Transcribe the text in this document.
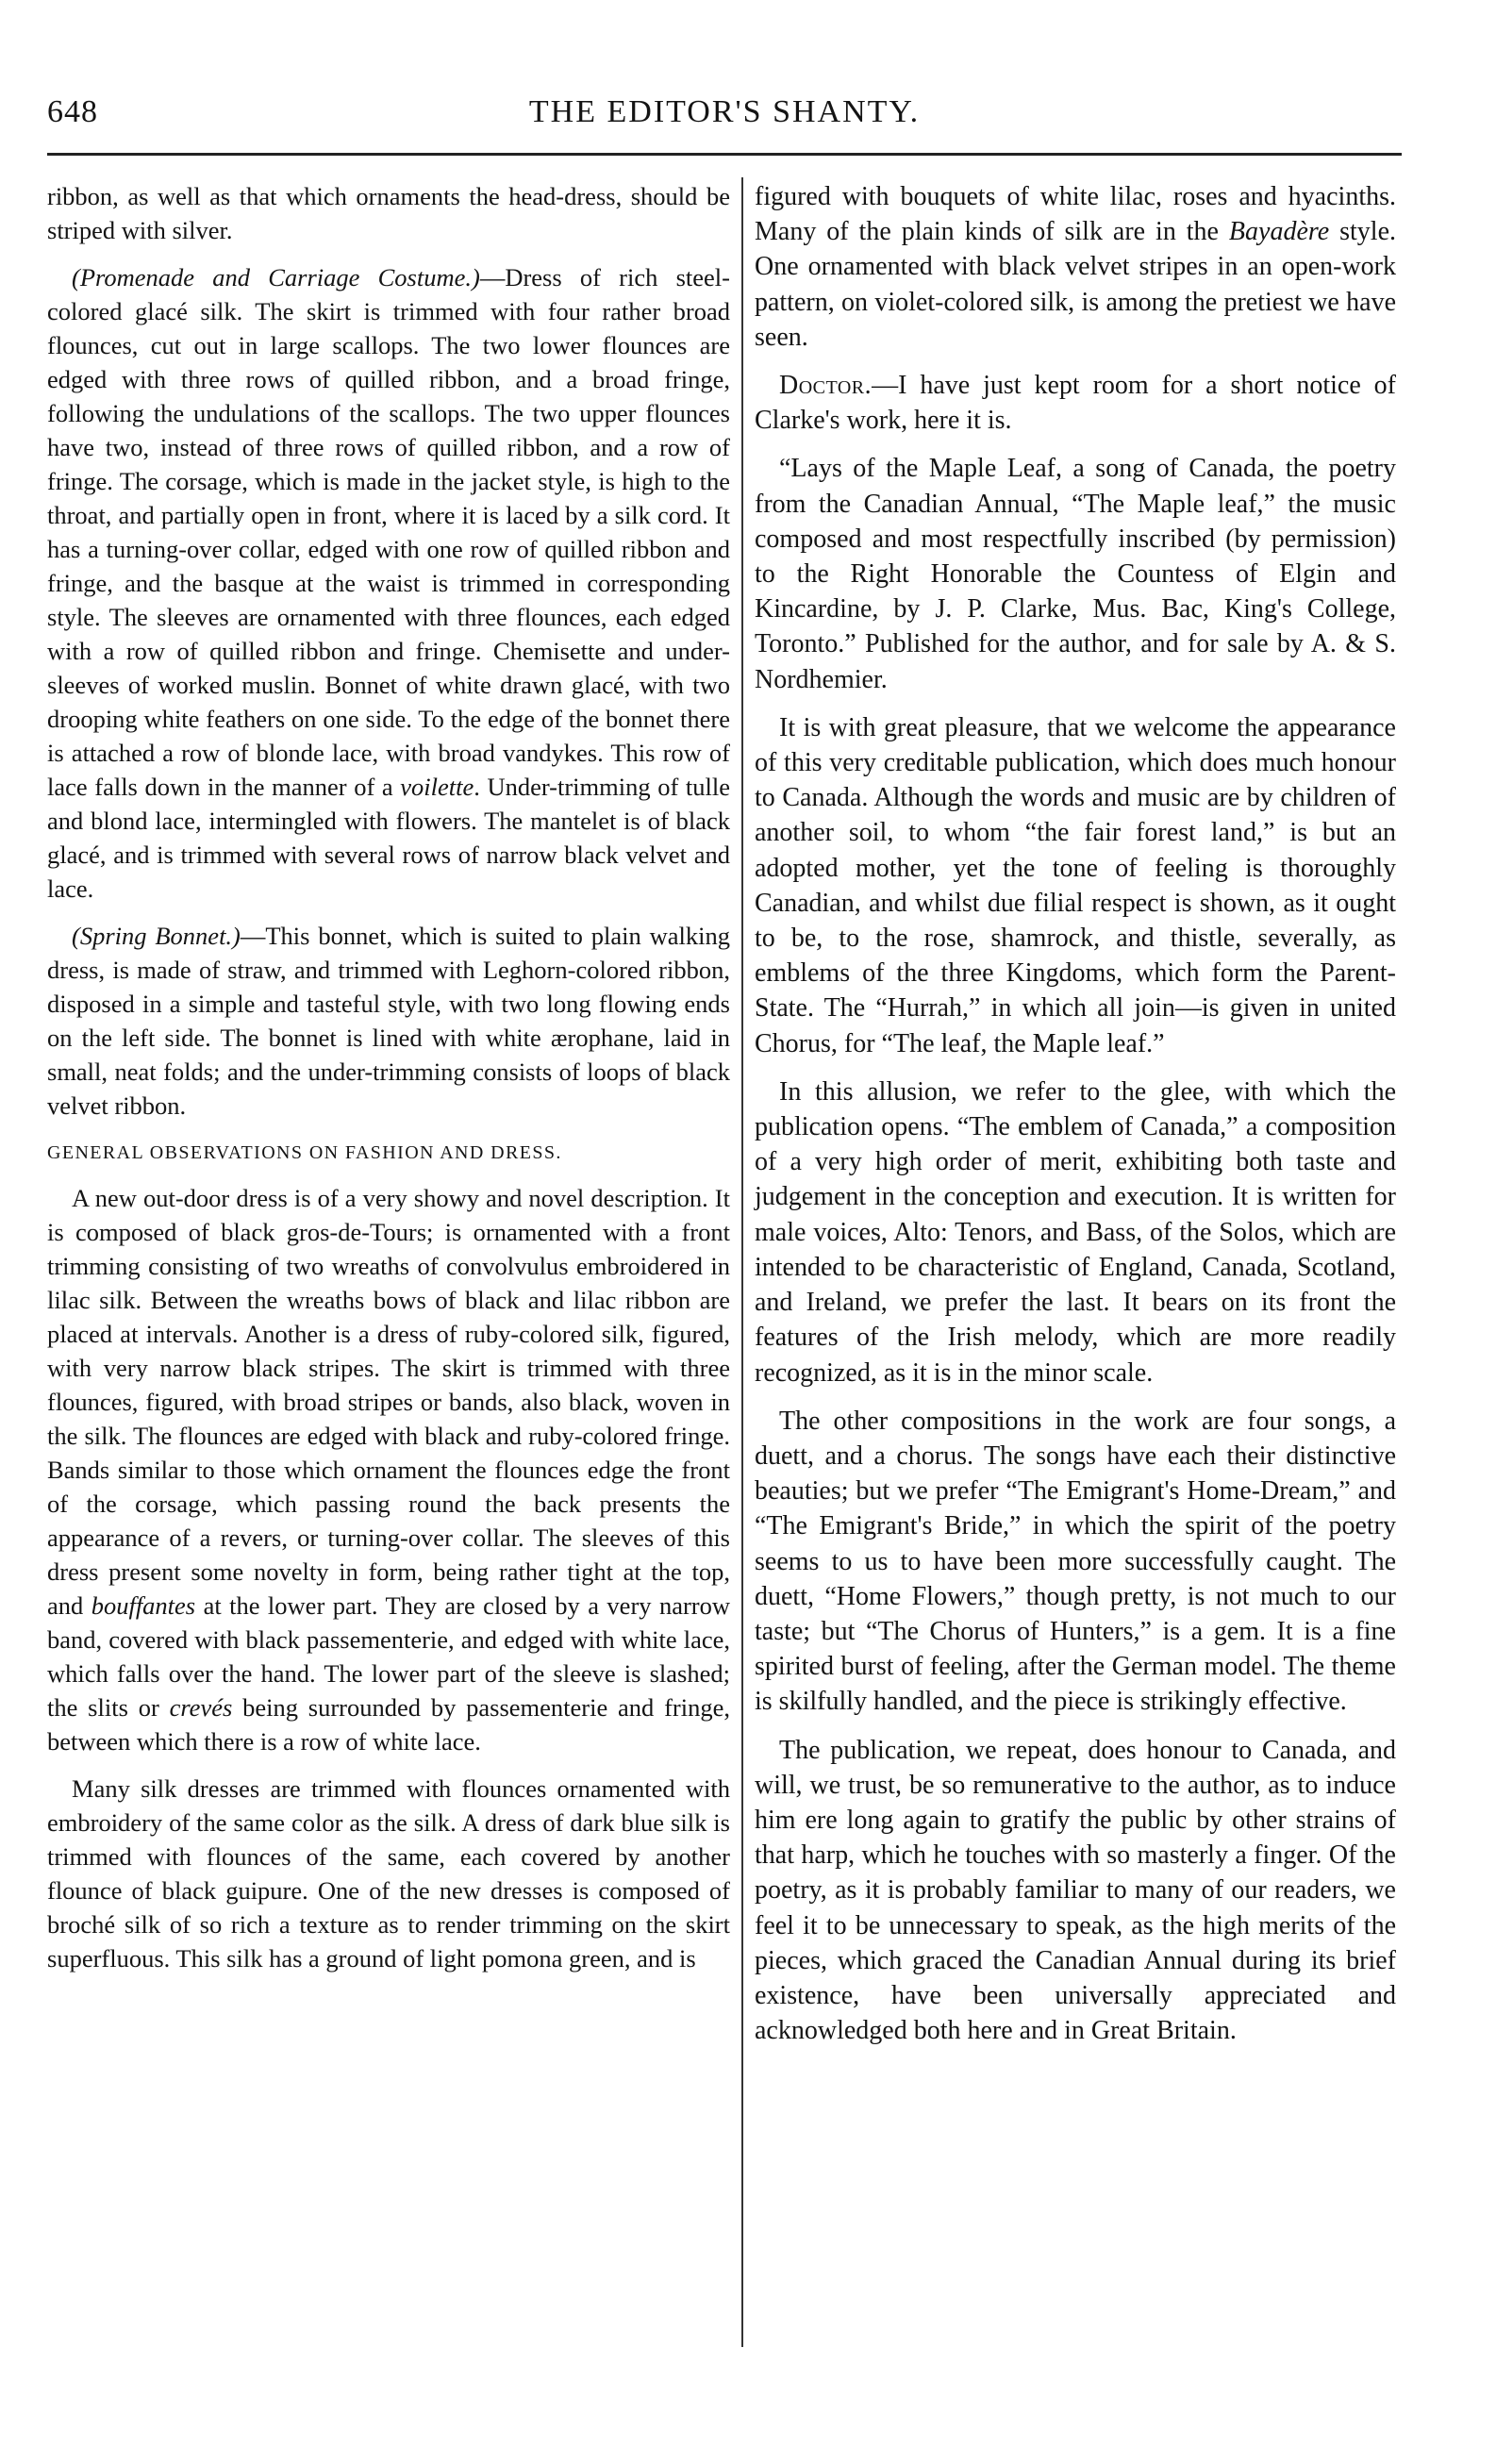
648	THE EDITOR'S SHANTY.

ribbon, as well as that which ornaments the head-dress, should be striped with silver.

(Promenade and Carriage Costume.)—Dress of rich steel-colored glacé silk. The skirt is trimmed with four rather broad flounces, cut out in large scallops. The two lower flounces are edged with three rows of quilled ribbon, and a broad fringe, following the undulations of the scallops. The two upper flounces have two, instead of three rows of quilled ribbon, and a row of fringe. The corsage, which is made in the jacket style, is high to the throat, and partially open in front, where it is laced by a silk cord. It has a turning-over collar, edged with one row of quilled ribbon and fringe, and the basque at the waist is trimmed in corresponding style. The sleeves are ornamented with three flounces, each edged with a row of quilled ribbon and fringe. Chemisette and under-sleeves of worked muslin. Bonnet of white drawn glacé, with two drooping white feathers on one side. To the edge of the bonnet there is attached a row of blonde lace, with broad vandykes. This row of lace falls down in the manner of a voilette. Under-trimming of tulle and blond lace, intermingled with flowers. The mantelet is of black glacé, and is trimmed with several rows of narrow black velvet and lace.

(Spring Bonnet.)—This bonnet, which is suited to plain walking dress, is made of straw, and trimmed with Leghorn-colored ribbon, disposed in a simple and tasteful style, with two long flowing ends on the left side. The bonnet is lined with white ærophane, laid in small, neat folds; and the under-trimming consists of loops of black velvet ribbon.

GENERAL OBSERVATIONS ON FASHION AND DRESS.

A new out-door dress is of a very showy and novel description. It is composed of black gros-de-Tours; is ornamented with a front trimming consisting of two wreaths of convolvulus embroidered in lilac silk. Between the wreaths bows of black and lilac ribbon are placed at intervals. Another is a dress of ruby-colored silk, figured, with very narrow black stripes. The skirt is trimmed with three flounces, figured, with broad stripes or bands, also black, woven in the silk. The flounces are edged with black and ruby-colored fringe. Bands similar to those which ornament the flounces edge the front of the corsage, which passing round the back presents the appearance of a revers, or turning-over collar. The sleeves of this dress present some novelty in form, being rather tight at the top, and bouffantes at the lower part. They are closed by a very narrow band, covered with black passementerie, and edged with white lace, which falls over the hand. The lower part of the sleeve is slashed; the slits or crevés being surrounded by passementerie and fringe, between which there is a row of white lace.

Many silk dresses are trimmed with flounces ornamented with embroidery of the same color as the silk. A dress of dark blue silk is trimmed with flounces of the same, each covered by another flounce of black guipure. One of the new dresses is composed of broché silk of so rich a texture as to render trimming on the skirt superfluous. This silk has a ground of light pomona green, and is

figured with bouquets of white lilac, roses and hyacinths. Many of the plain kinds of silk are in the Bayadère style. One ornamented with black velvet stripes in an open-work pattern, on violet-colored silk, is among the pretiest we have seen.

Doctor.—I have just kept room for a short notice of Clarke's work, here it is.

“Lays of the Maple Leaf, a song of Canada, the poetry from the Canadian Annual, “The Maple leaf,” the music composed and most respectfully inscribed (by permission) to the Right Honorable the Countess of Elgin and Kincardine, by J. P. Clarke, Mus. Bac, King's College, Toronto.” Published for the author, and for sale by A. & S. Nordhemier.

It is with great pleasure, that we welcome the appearance of this very creditable publication, which does much honour to Canada. Although the words and music are by children of another soil, to whom “the fair forest land,” is but an adopted mother, yet the tone of feeling is thoroughly Canadian, and whilst due filial respect is shown, as it ought to be, to the rose, shamrock, and thistle, severally, as emblems of the three Kingdoms, which form the Parent-State. The “Hurrah,” in which all join—is given in united Chorus, for “The leaf, the Maple leaf.”

In this allusion, we refer to the glee, with which the publication opens. “The emblem of Canada,” a composition of a very high order of merit, exhibiting both taste and judgement in the conception and execution. It is written for male voices, Alto: Tenors, and Bass, of the Solos, which are intended to be characteristic of England, Canada, Scotland, and Ireland, we prefer the last. It bears on its front the features of the Irish melody, which are more readily recognized, as it is in the minor scale.

The other compositions in the work are four songs, a duett, and a chorus. The songs have each their distinctive beauties; but we prefer “The Emigrant's Home-Dream,” and “The Emigrant's Bride,” in which the spirit of the poetry seems to us to have been more successfully caught. The duett, “Home Flowers,” though pretty, is not much to our taste; but “The Chorus of Hunters,” is a gem. It is a fine spirited burst of feeling, after the German model. The theme is skilfully handled, and the piece is strikingly effective.

The publication, we repeat, does honour to Canada, and will, we trust, be so remunerative to the author, as to induce him ere long again to gratify the public by other strains of that harp, which he touches with so masterly a finger. Of the poetry, as it is probably familiar to many of our readers, we feel it to be unnecessary to speak, as the high merits of the pieces, which graced the Canadian Annual during its brief existence, have been universally appreciated and acknowledged both here and in Great Britain.
